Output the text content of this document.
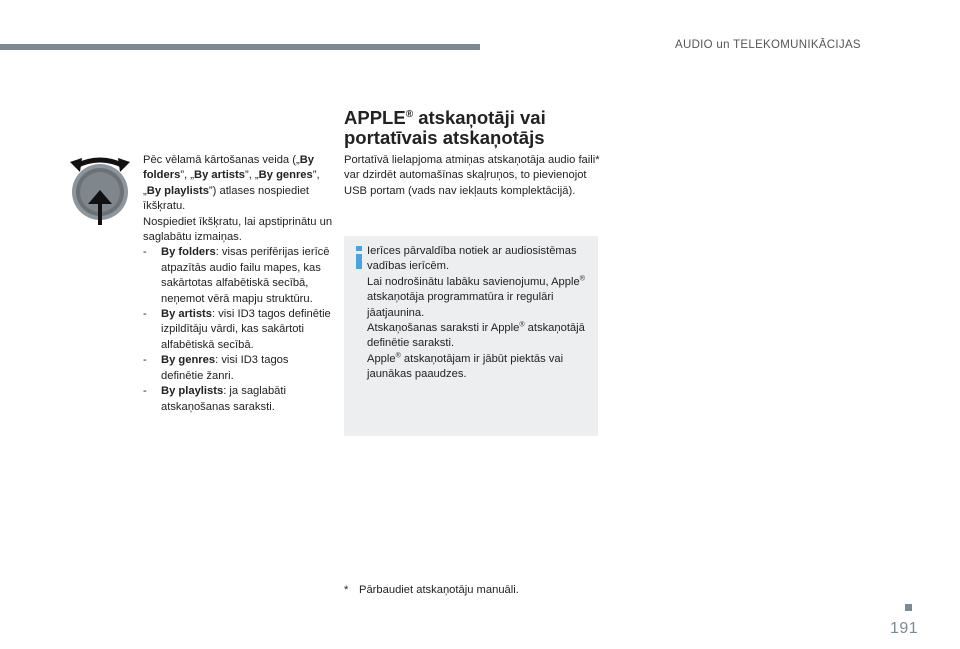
AUDIO un TELEKOMUNIKĀCIJAS

Pēc vēlamā kārtošanas veida („By folders”, „By artists”, „By genres”, „By playlists”) atlases nospiediet īkšķratu.

Nospiediet īkšķratu, lai apstiprinātu un saglabātu izmaiņas.

- By folders: visas perifērijas ierīcē atpazītās audio failu mapes, kas sakārtotas alfabētiskā secībā, neņemot vērā mapju struktūru.
- By artists: visi ID3 tagos definētie izpildītāju vārdi, kas sakārtoti alfabētiskā secībā.
- By genres: visi ID3 tagos definētie žanri.
- By playlists: ja saglabāti atskaņošanas saraksti.
APPLE® atskaņotāji vai portatīvais atskaņotājs

Portatīvā lielapjoma atmiņas atskaņotāja audio faili* var dzirdēt automašīnas skaļruņos, to pievienojot USB portam (vads nav iekļauts komplektācijā).

Ierīces pārvaldība notiek ar audiosistēmas vadības ierīcēm.
Lai nodrošinātu labāku savienojumu, Apple® atskaņotāja programmatūra ir regulāri jāatjaunina.
Atskaņošanas saraksti ir Apple® atskaņotājā definētie saraksti.
Apple® atskaņotājam ir jābūt piektās vai jaunākas paaudzes.

* Pārbaudiet atskaņotāju manuāli.
191
